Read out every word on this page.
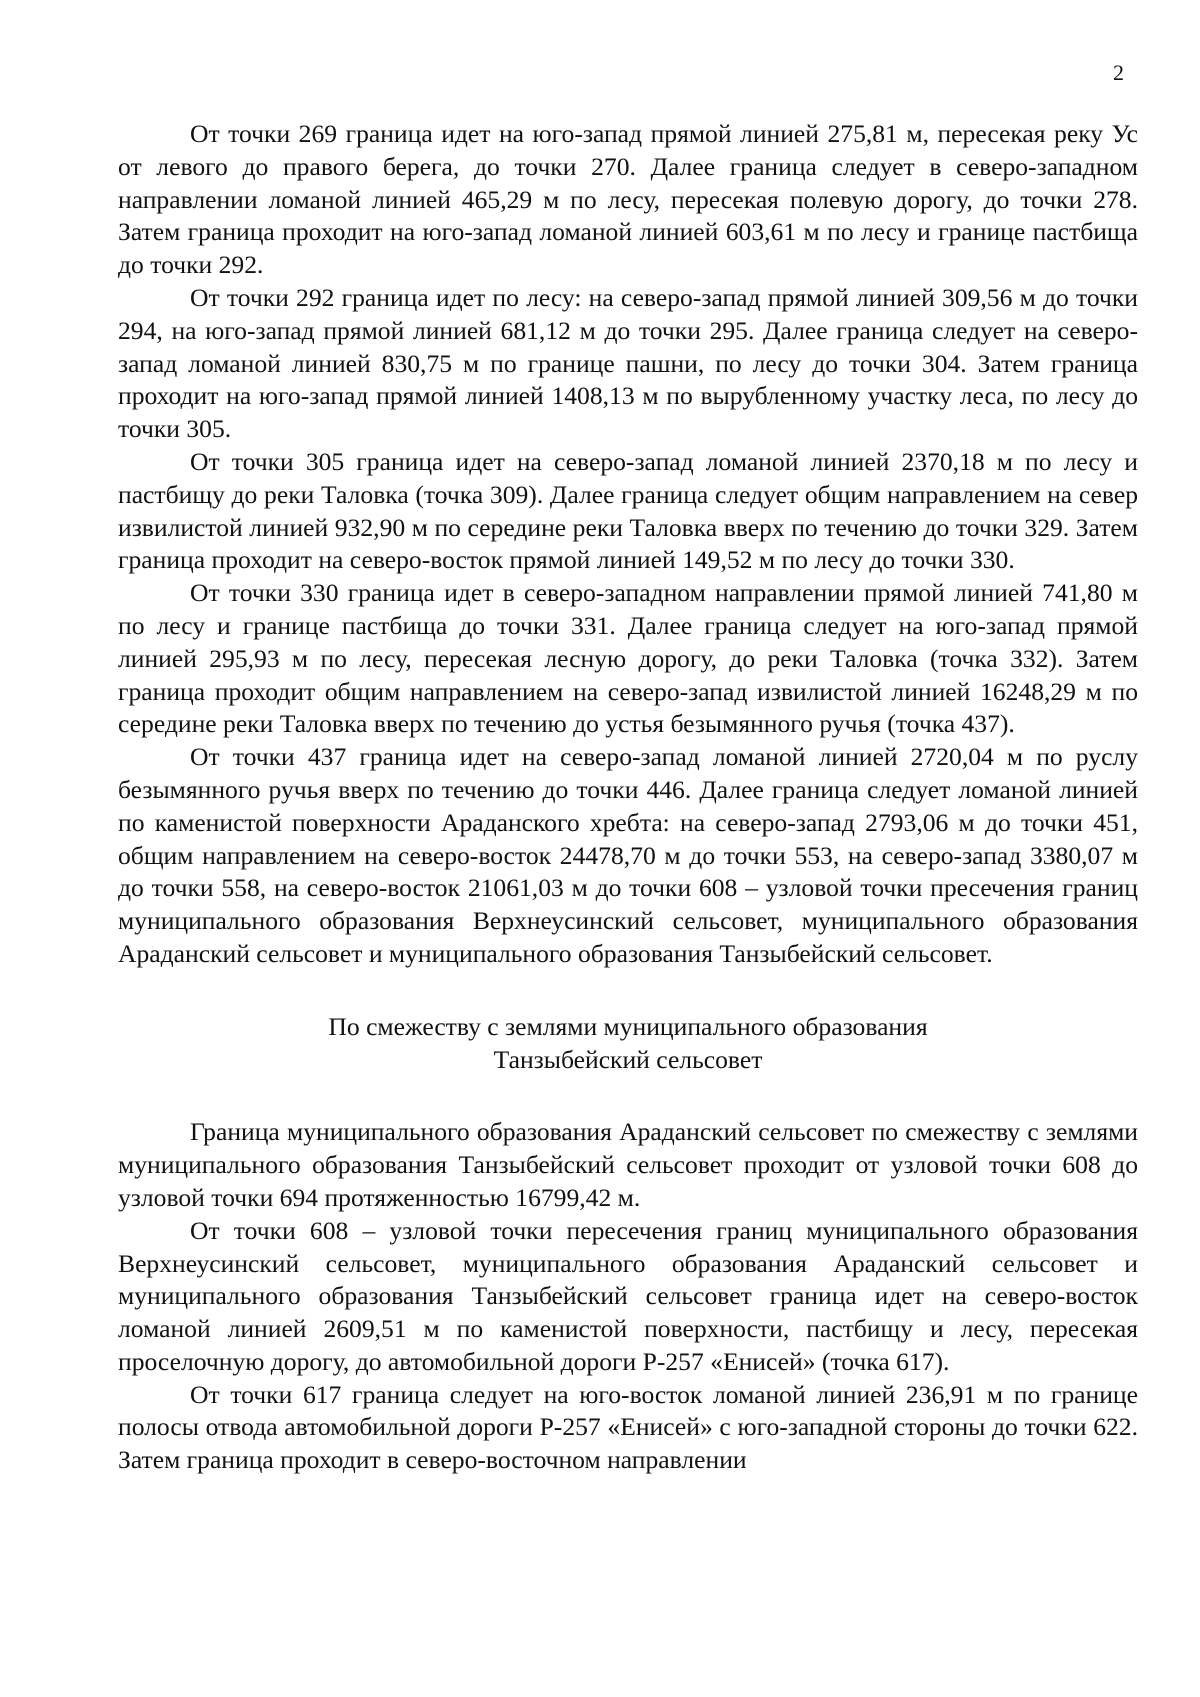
2

От точки 269 граница идет на юго-запад прямой линией 275,81 м, пересекая реку Ус от левого до правого берега, до точки 270. Далее граница следует в северо-западном направлении ломаной линией 465,29 м по лесу, пересекая полевую дорогу, до точки 278. Затем граница проходит на юго-запад ломаной линией 603,61 м по лесу и границе пастбища до точки 292.

От точки 292 граница идет по лесу: на северо-запад прямой линией 309,56 м до точки 294, на юго-запад прямой линией 681,12 м до точки 295. Далее граница следует на северо-запад ломаной линией 830,75 м по границе пашни, по лесу до точки 304. Затем граница проходит на юго-запад прямой линией 1408,13 м по вырубленному участку леса, по лесу до точки 305.

От точки 305 граница идет на северо-запад ломаной линией 2370,18 м по лесу и пастбищу до реки Таловка (точка 309). Далее граница следует общим направлением на север извилистой линией 932,90 м по середине реки Таловка вверх по течению до точки 329. Затем граница проходит на северо-восток прямой линией 149,52 м по лесу до точки 330.

От точки 330 граница идет в северо-западном направлении прямой линией 741,80 м по лесу и границе пастбища до точки 331. Далее граница следует на юго-запад прямой линией 295,93 м по лесу, пересекая лесную дорогу, до реки Таловка (точка 332). Затем граница проходит общим направлением на северо-запад извилистой линией 16248,29 м по середине реки Таловка вверх по течению до устья безымянного ручья (точка 437).

От точки 437 граница идет на северо-запад ломаной линией 2720,04 м по руслу безымянного ручья вверх по течению до точки 446. Далее граница следует ломаной линией по каменистой поверхности Араданского хребта: на северо-запад 2793,06 м до точки 451, общим направлением на северо-восток 24478,70 м до точки 553, на северо-запад 3380,07 м до точки 558, на северо-восток 21061,03 м до точки 608 – узловой точки пресечения границ муниципального образования Верхнеусинский сельсовет, муниципального образования Араданский сельсовет и муниципального образования Танзыбейский сельсовет.

По смежеству с землями муниципального образования
Танзыбейский сельсовет

Граница муниципального образования Араданский сельсовет по смежеству с землями муниципального образования Танзыбейский сельсовет проходит от узловой точки 608 до узловой точки 694 протяженностью 16799,42 м.

От точки 608 – узловой точки пересечения границ муниципального образования Верхнеусинский сельсовет, муниципального образования Араданский сельсовет и муниципального образования Танзыбейский сельсовет граница идет на северо-восток ломаной линией 2609,51 м по каменистой поверхности, пастбищу и лесу, пересекая проселочную дорогу, до автомобильной дороги Р-257 «Енисей» (точка 617).

От точки 617 граница следует на юго-восток ломаной линией 236,91 м по границе полосы отвода автомобильной дороги Р-257 «Енисей» с юго-западной стороны до точки 622. Затем граница проходит в северо-восточном направлении
